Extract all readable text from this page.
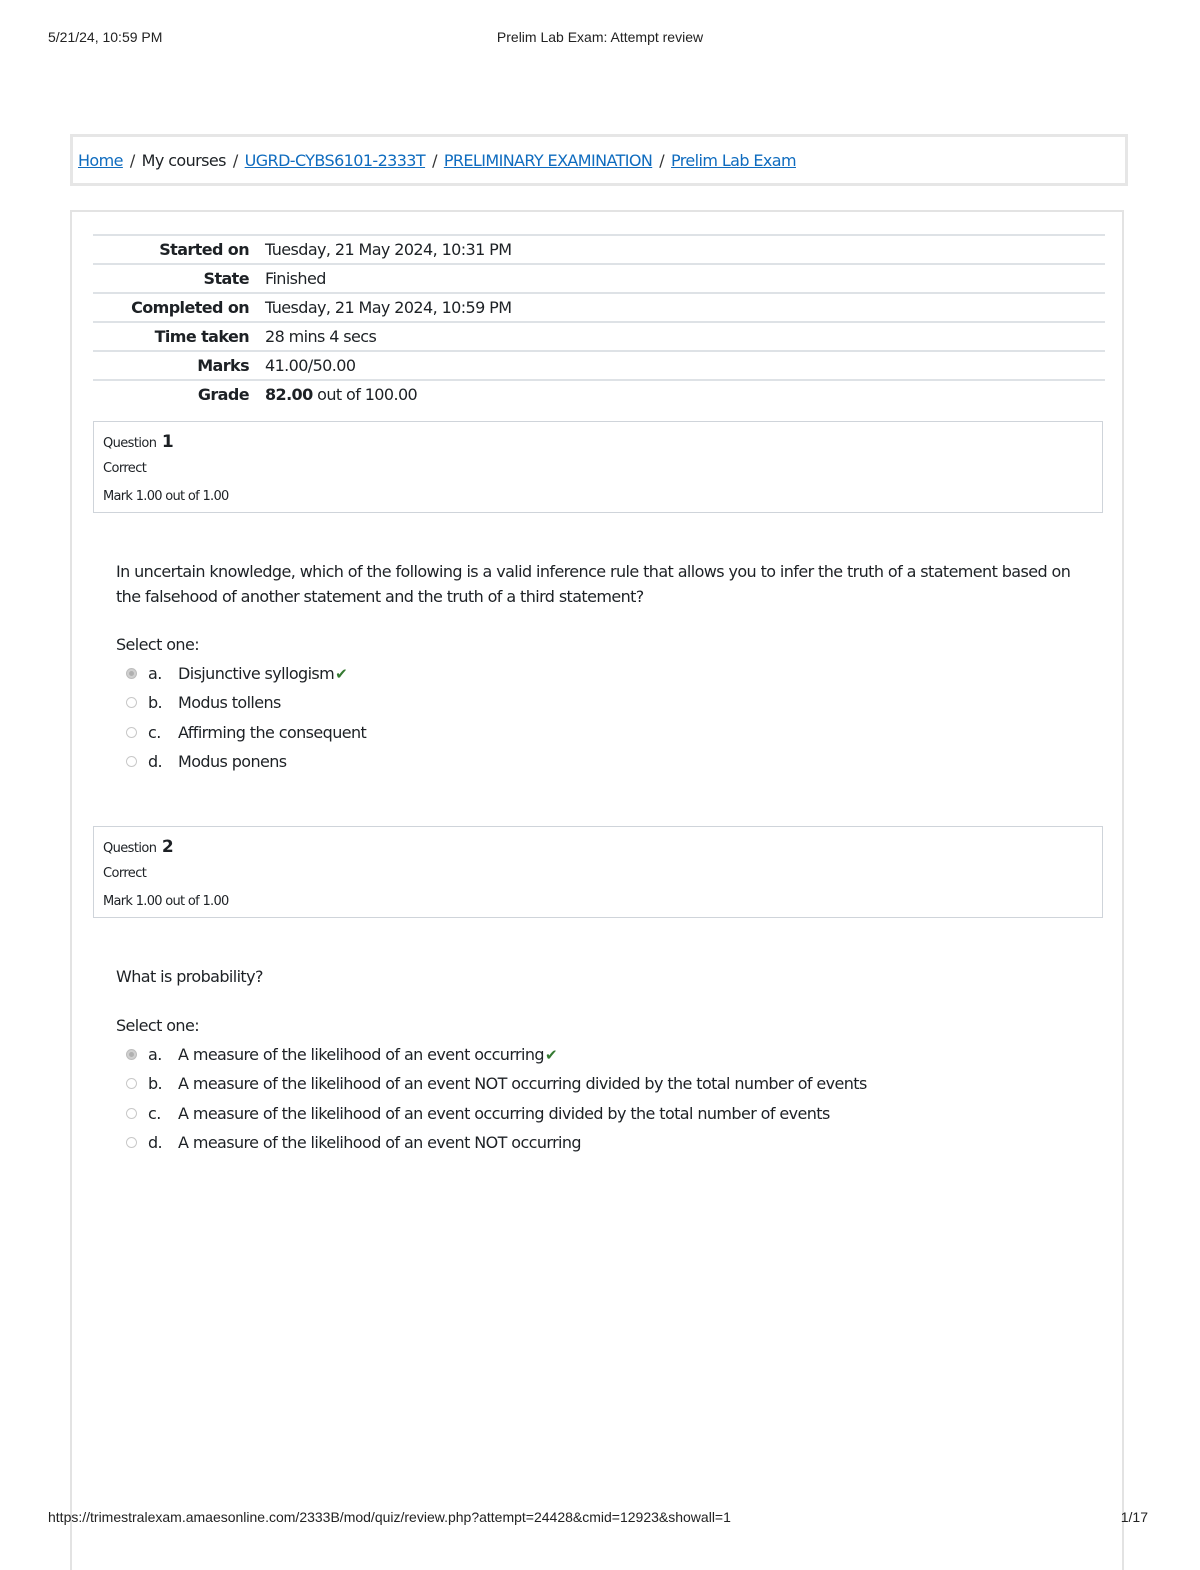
5/21/24, 10:59 PM	Prelim Lab Exam: Attempt review
Home / My courses / UGRD-CYBS6101-2333T / PRELIMINARY EXAMINATION / Prelim Lab Exam
Started on	Tuesday, 21 May 2024, 10:31 PM
State	Finished
Completed on	Tuesday, 21 May 2024, 10:59 PM
Time taken	28 mins 4 secs
Marks	41.00/50.00
Grade	82.00 out of 100.00
Question 1
Correct
Mark 1.00 out of 1.00
In uncertain knowledge, which of the following is a valid inference rule that allows you to infer the truth of a statement based on the falsehood of another statement and the truth of a third statement?
Select one:
a. Disjunctive syllogism✔
b. Modus tollens
c. Affirming the consequent
d. Modus ponens
Question 2
Correct
Mark 1.00 out of 1.00
What is probability?
Select one:
a. A measure of the likelihood of an event occurring✔
b. A measure of the likelihood of an event NOT occurring divided by the total number of events
c. A measure of the likelihood of an event occurring divided by the total number of events
d. A measure of the likelihood of an event NOT occurring
https://trimestralexam.amaesonline.com/2333B/mod/quiz/review.php?attempt=24428&cmid=12923&showall=1	1/17
